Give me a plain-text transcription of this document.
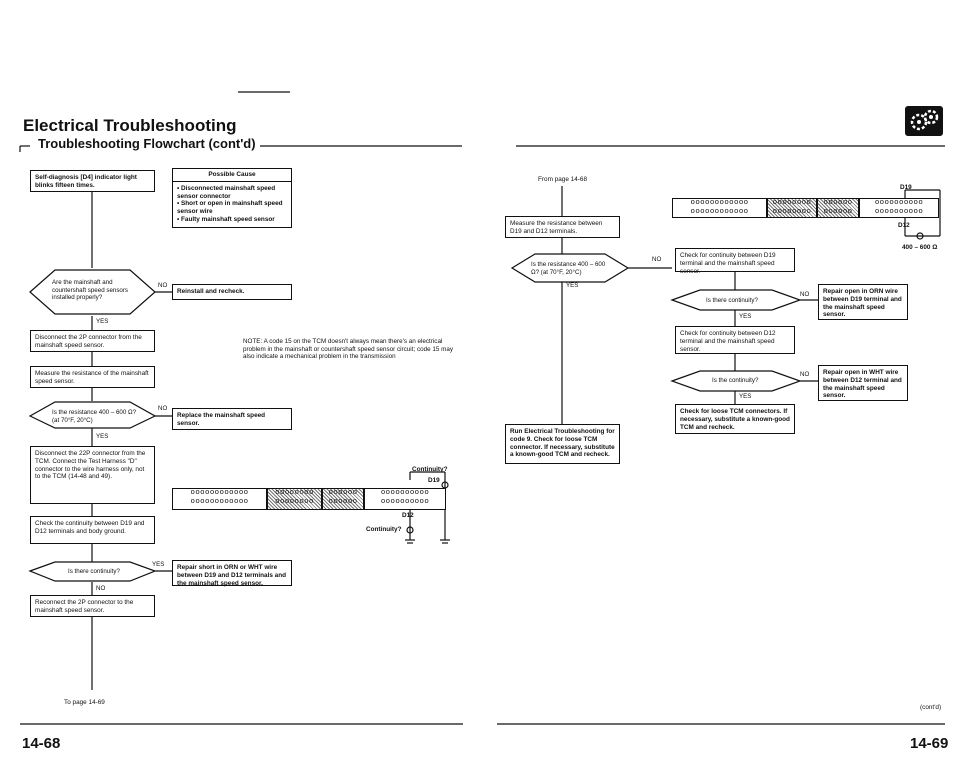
Electrical Troubleshooting
Troubleshooting Flowchart (cont'd)
Self-diagnosis [D4] indicator light blinks fifteen times.
Possible Cause
• Disconnected mainshaft speed sensor connector
• Short or open in mainshaft speed sensor wire
• Faulty mainshaft speed sensor
Are the mainshaft and countershaft speed sensors installed properly?
NO
Reinstall and recheck.
YES
Disconnect the 2P connector from the mainshaft speed sensor.
Measure the resistance of the mainshaft speed sensor.
Is the resistance 400 – 600 Ω? (at 70°F, 20°C)
NO
Replace the mainshaft speed sensor.
YES
Disconnect the 22P connector from the TCM. Connect the Test Harness "D" connector to the wire harness only, not to the TCM (14-48 and 49).
Check the continuity between D19 and D12 terminals and body ground.
Is there continuity?
YES	Repair short in ORN or WHT wire between D19 and D12 terminals and the mainshaft speed sensor.
NO
Reconnect the 2P connector to the mainshaft speed sensor.
To page 14-69
NOTE: A code 15 on the TCM doesn't always mean there's an electrical problem in the mainshaft or countershaft speed sensor circuit; code 15 may also indicate a mechanical problem in the transmission
Continuity?
D19
oooooooooooo
oooooooooooo
oooooooo
oooooooo
oooooo
oooooo
oooooooooo
oooooooooo
D12
Continuity?
14-68
From page 14-68
Measure the resistance between D19 and D12 terminals.
Is the resistance 400 – 600 Ω? (at 70°F, 20°C)
NO
YES
Check for continuity between D19 terminal and the mainshaft speed sensor.
Is there continuity?
NO	Repair open in ORN wire between D19 terminal and the mainshaft speed sensor.
YES
Check for continuity between D12 terminal and the mainshaft speed sensor.
Is the continuity?
NO	Repair open in WHT wire between D12 terminal and the mainshaft speed sensor.
YES
Check for loose TCM connectors. If necessary, substitute a known-good TCM and recheck.
Run Electrical Troubleshooting for code 9. Check for loose TCM connector. If necessary, substitute a known-good TCM and recheck.
D19
oooooooooooo
oooooooooooo
oooooooo
oooooooo
oooooo
oooooo
oooooooooo
oooooooooo
D12
400 – 600 Ω
(cont'd)
14-69
